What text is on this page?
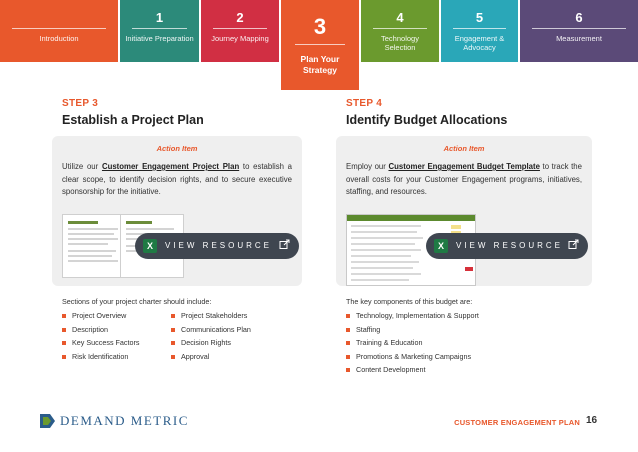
Introduction
1
Initiative Preparation
2
Journey Mapping	3
Plan Your Strategy
4
Technology Selection
5
Engagement & Advocacy
6
Measurement
STEP 3
Establish a Project Plan
STEP 4
Identify Budget Allocations
Action Item
Utilize our Customer Engagement Project Plan to establish a clear scope, to identify decision rights, and to secure executive sponsorship for the initiative.
X	VIEW RESOURCE
Action Item
Employ our Customer Engagement Budget Template to track the overall costs for your Customer Engagement programs, initiatives, staffing, and resources.
X	VIEW RESOURCE
Sections of your project charter should include:
Project Overview
Description
Key Success Factors
Risk Identification
Project Stakeholders
Communications Plan
Decision Rights
Approval
The key components of this budget are:
Technology, Implementation & Support
Staffing
Training & Education
Promotions & Marketing Campaigns
Content Development
DEMAND METRIC	CUSTOMER ENGAGEMENT PLAN 16
